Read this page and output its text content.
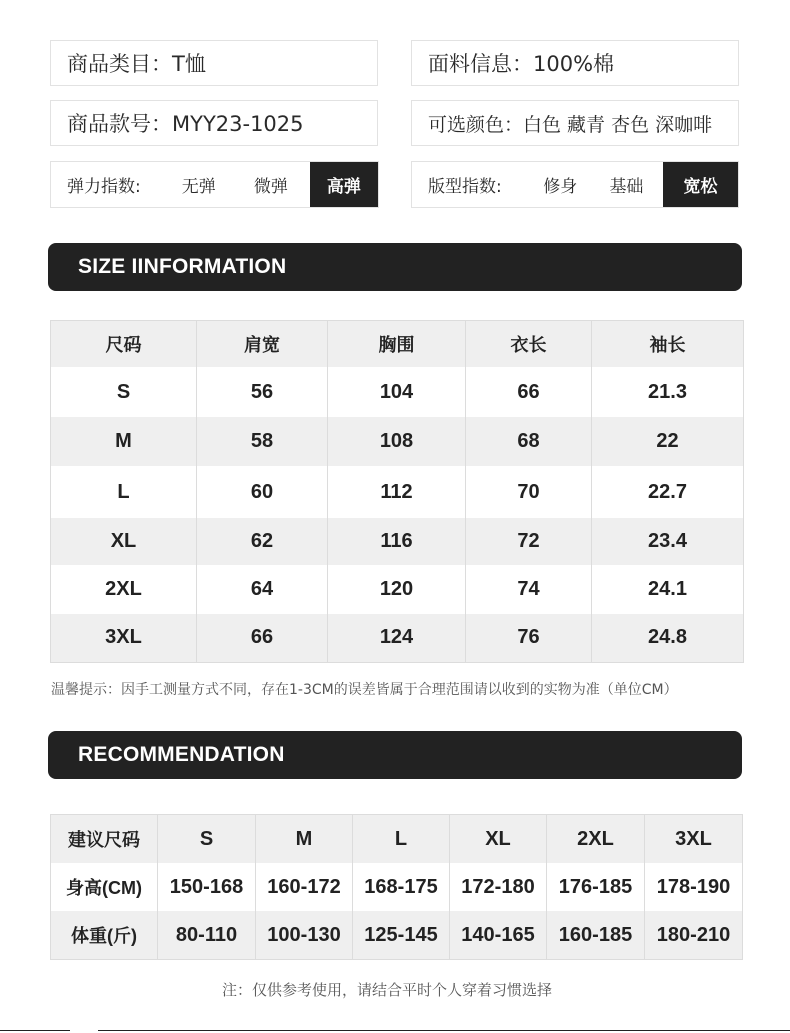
商品类目：T恤	面料信息：100%棉
商品款号：MYY23-1025	可选颜色：白色 藏青 杏色 深咖啡
弹力指数:	无弹	微弹	高弹	版型指数:	修身	基础	宽松
SIZE IINFORMATION
尺码	肩宽	胸围	衣长	袖长
S	56	104	66	21.3
M	58	108	68	22
L	60	112	70	22.7
XL	62	116	72	23.4
2XL	64	120	74	24.1
3XL	66	124	76	24.8
温馨提示：因手工测量方式不同，存在1-3CM的误差皆属于合理范围请以收到的实物为准（单位CM）
RECOMMENDATION
建议尺码	S	M	L	XL	2XL	3XL
身高(CM)	150-168	160-172	168-175	172-180	176-185	178-190
体重(斤)	80-110	100-130	125-145	140-165	160-185	180-210
注：仅供参考使用，请结合平时个人穿着习惯选择
